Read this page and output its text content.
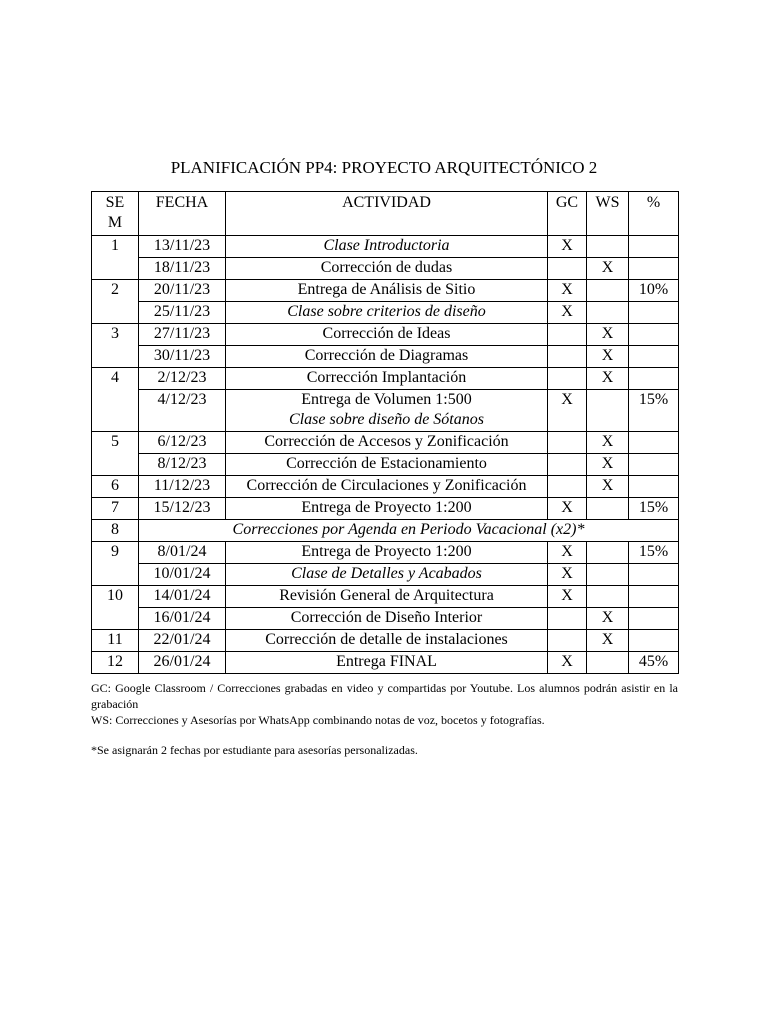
PLANIFICACIÓN PP4: PROYECTO ARQUITECTÓNICO 2
SE
M	FECHA	ACTIVIDAD	GC	WS	%
1	13/11/23	Clase Introductoria	X		
	18/11/23	Corrección de dudas		X	
2	20/11/23	Entrega de Análisis de Sitio	X		10%
	25/11/23	Clase sobre criterios de diseño	X		
3	27/11/23	Corrección de Ideas		X	
	30/11/23	Corrección de Diagramas		X	
4	2/12/23	Corrección Implantación		X	
	4/12/23	Entrega de Volumen 1:500
Clase sobre diseño de Sótanos	X		15%
5	6/12/23	Corrección de Accesos y Zonificación		X	
	8/12/23	Corrección de Estacionamiento		X	
6	11/12/23	Corrección de Circulaciones y Zonificación		X	
7	15/12/23	Entrega de Proyecto 1:200	X		15%
8	Correcciones por Agenda en Periodo Vacacional (x2)*				
9	8/01/24	Entrega de Proyecto 1:200	X		15%
	10/01/24	Clase de Detalles y Acabados	X		
10	14/01/24	Revisión General de Arquitectura	X		
	16/01/24	Corrección de Diseño Interior		X	
11	22/01/24	Corrección de detalle de instalaciones		X	
12	26/01/24	Entrega FINAL	X		45%
GC: Google Classroom / Correcciones grabadas en video y compartidas por Youtube. Los alumnos podrán asistir en la grabación
WS: Correcciones y Asesorías por WhatsApp combinando notas de voz, bocetos y fotografías.
*Se asignarán 2 fechas por estudiante para asesorías personalizadas.
